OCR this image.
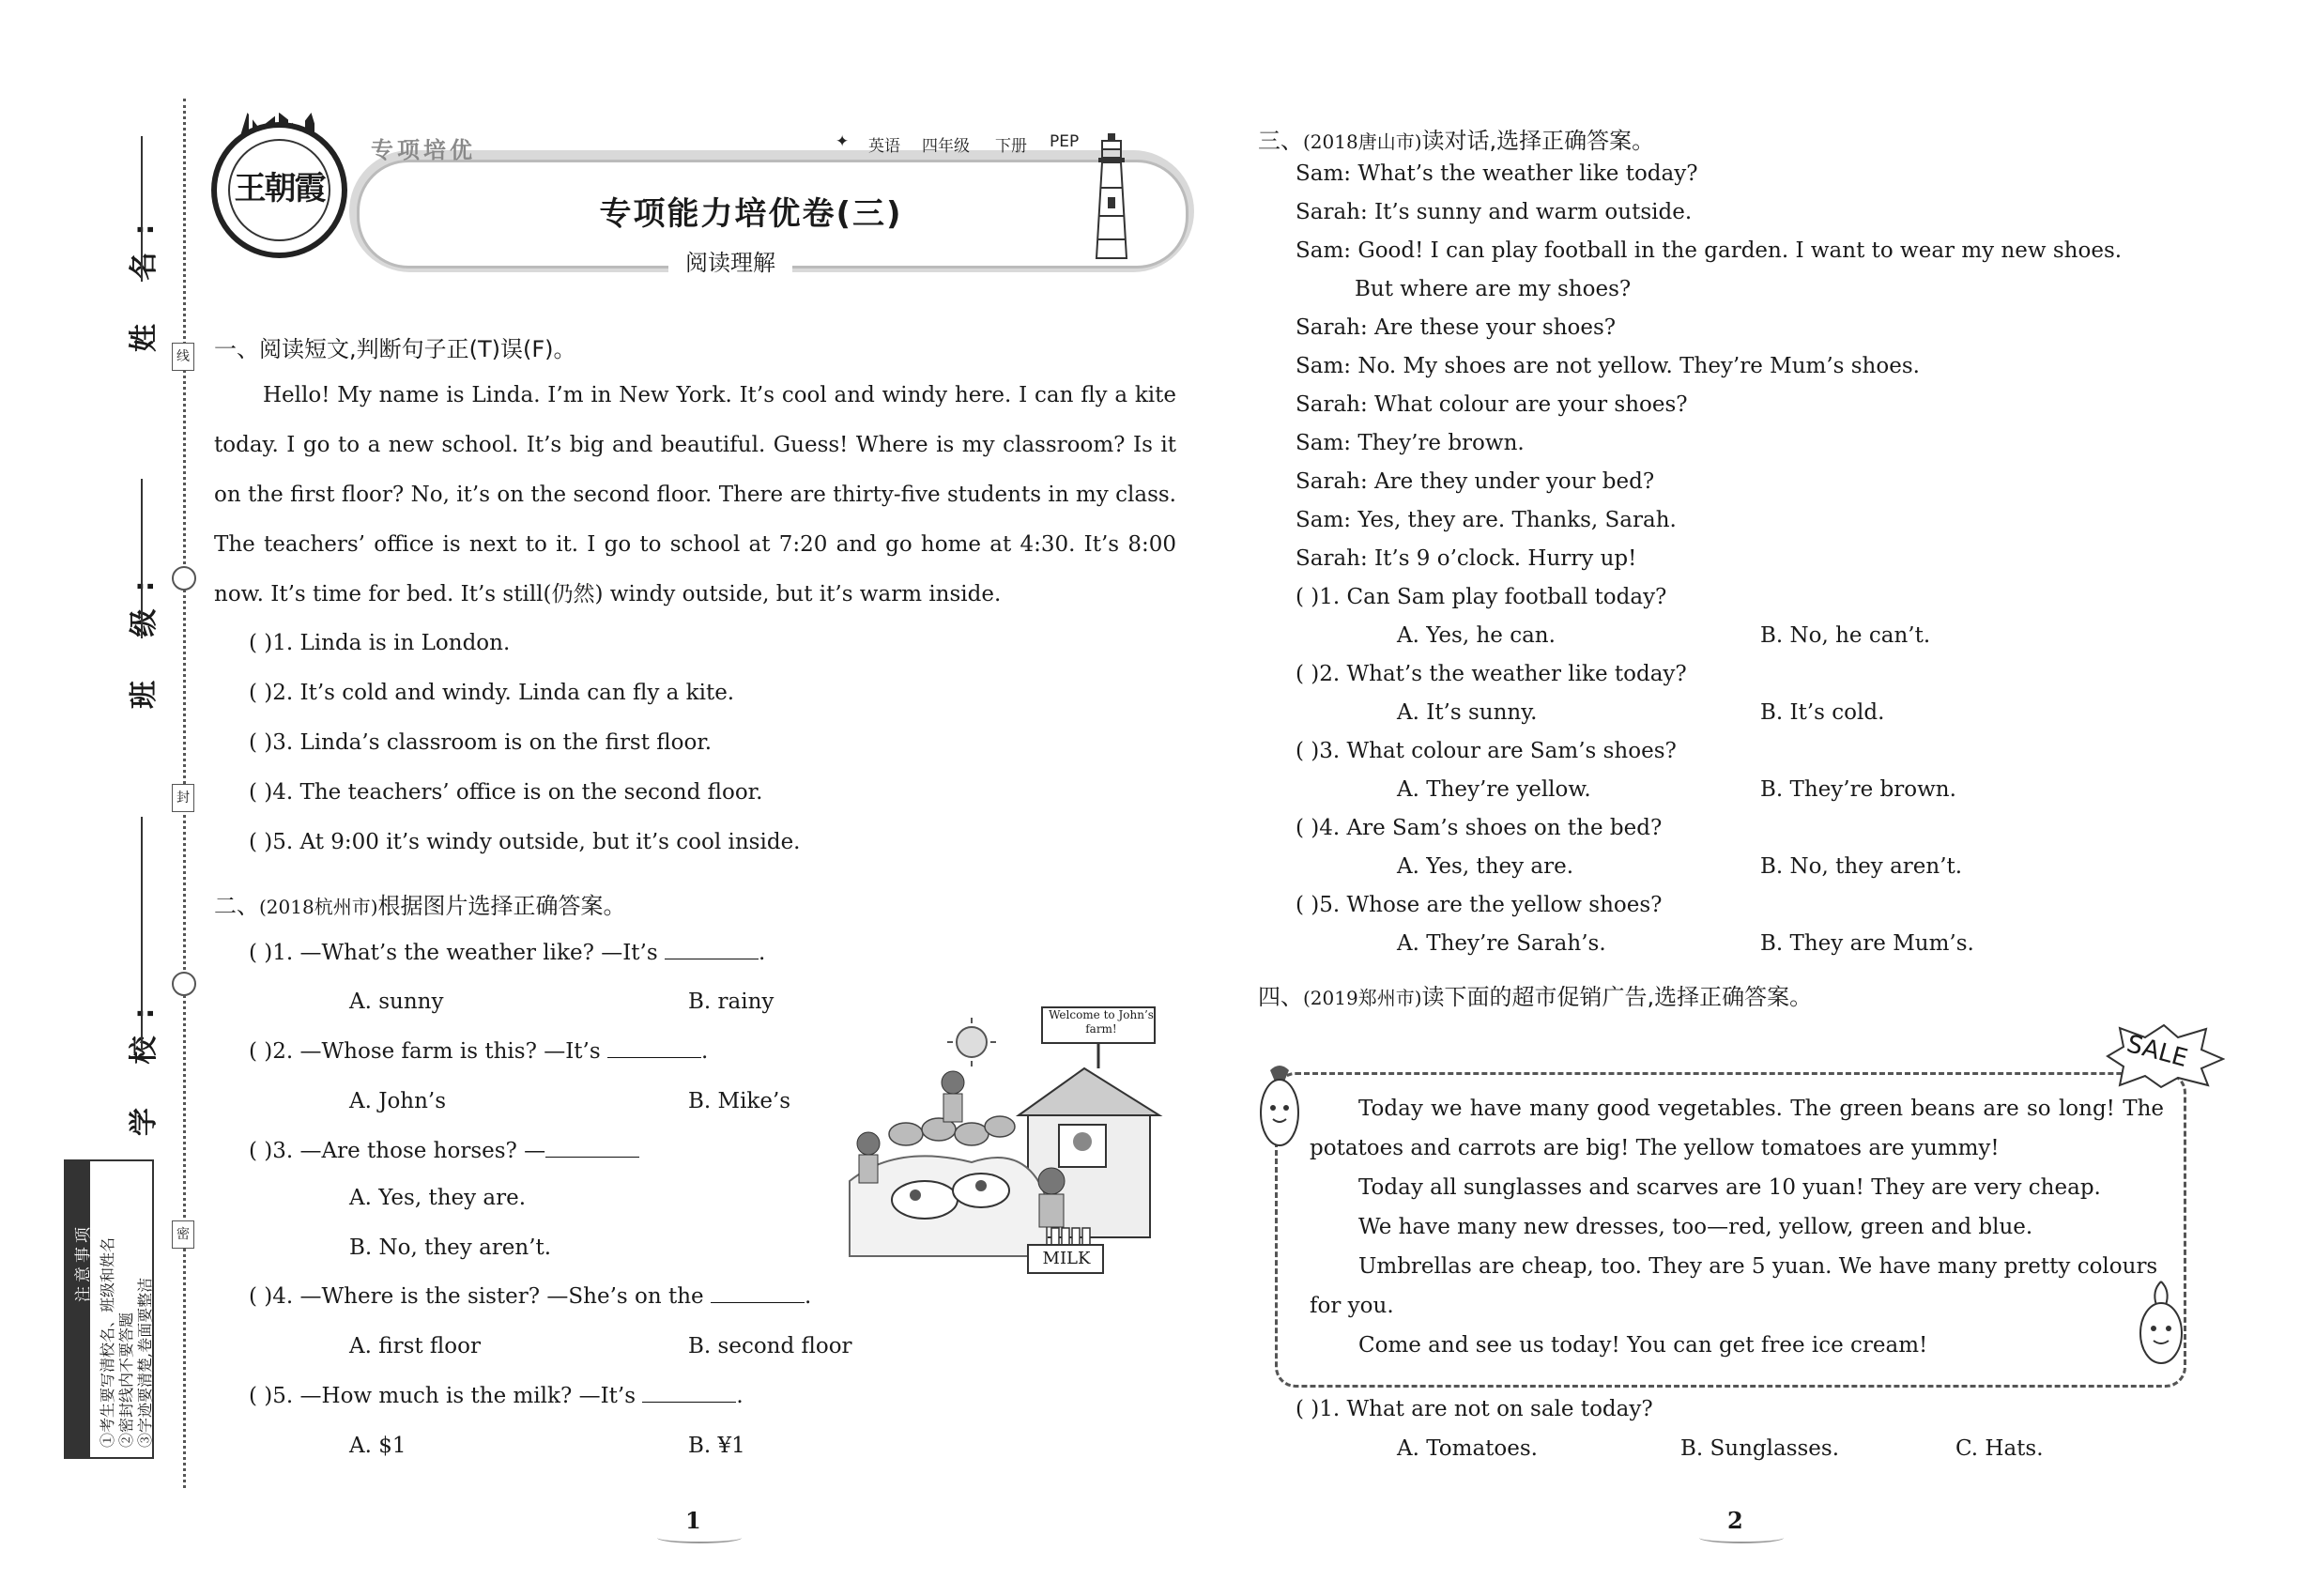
姓 名:
班 级:
学 校:
线
封
密
注意事项 ①考生要写清校名、班级和姓名 ②密封线内不要答题 ③字迹要清楚,卷面要整洁
王朝霞
专项培优	✦ 英语 四年级 下册 PEP
专项能力培优卷(三)
阅读理解
一、阅读短文,判断句子正(T)误(F)。
Hello! My name is Linda. I’m in New York. It’s cool and windy here. I can fly a kite today. I go to a new school. It’s big and beautiful. Guess! Where is my classroom? Is it on the first floor? No, it’s on the second floor. There are thirty-five students in my class. The teachers’ office is next to it. I go to school at 7:20 and go home at 4:30. It’s 8:00 now. It’s time for bed. It’s still(仍然) windy outside, but it’s warm inside.
( )1. Linda is in London.
( )2. It’s cold and windy. Linda can fly a kite.
( )3. Linda’s classroom is on the first floor.
( )4. The teachers’ office is on the second floor.
( )5. At 9:00 it’s windy outside, but it’s cool inside.
二、(2018杭州市)根据图片选择正确答案。
( )1. —What’s the weather like? —It’s	.
A. sunny	B. rainy
( )2. —Whose farm is this? —It’s	.
A. John’s	B. Mike’s
( )3. —Are those horses? —
A. Yes, they are.
B. No, they aren’t.
( )4. —Where is the sister? —She’s on the	.
A. first floor	B. second floor
( )5. —How much is the milk? —It’s	.
A. $1	B. ¥1
Welcome to John’s farm!
MILK
1
三、(2018唐山市)读对话,选择正确答案。
Sam: What’s the weather like today?
Sarah: It’s sunny and warm outside.
Sam: Good! I can play football in the garden. I want to wear my new shoes.
But where are my shoes?
Sarah: Are these your shoes?
Sam: No. My shoes are not yellow. They’re Mum’s shoes.
Sarah: What colour are your shoes?
Sam: They’re brown.
Sarah: Are they under your bed?
Sam: Yes, they are. Thanks, Sarah.
Sarah: It’s 9 o’clock. Hurry up!
( )1. Can Sam play football today?
A. Yes, he can.	B. No, he can’t.
( )2. What’s the weather like today?
A. It’s sunny.	B. It’s cold.
( )3. What colour are Sam’s shoes?
A. They’re yellow.	B. They’re brown.
( )4. Are Sam’s shoes on the bed?
A. Yes, they are.	B. No, they aren’t.
( )5. Whose are the yellow shoes?
A. They’re Sarah’s.	B. They are Mum’s.
四、(2019郑州市)读下面的超市促销广告,选择正确答案。
SALE

Today we have many good vegetables. The green beans are so long! The potatoes and carrots are big! The yellow tomatoes are yummy!

Today all sunglasses and scarves are 10 yuan! They are very cheap.

We have many new dresses, too—red, yellow, green and blue.

Umbrellas are cheap, too. They are 5 yuan. We have many pretty colours for you.

Come and see us today! You can get free ice cream!

( )1. What are not on sale today?
A. Tomatoes.	B. Sunglasses.	C. Hats.
2
